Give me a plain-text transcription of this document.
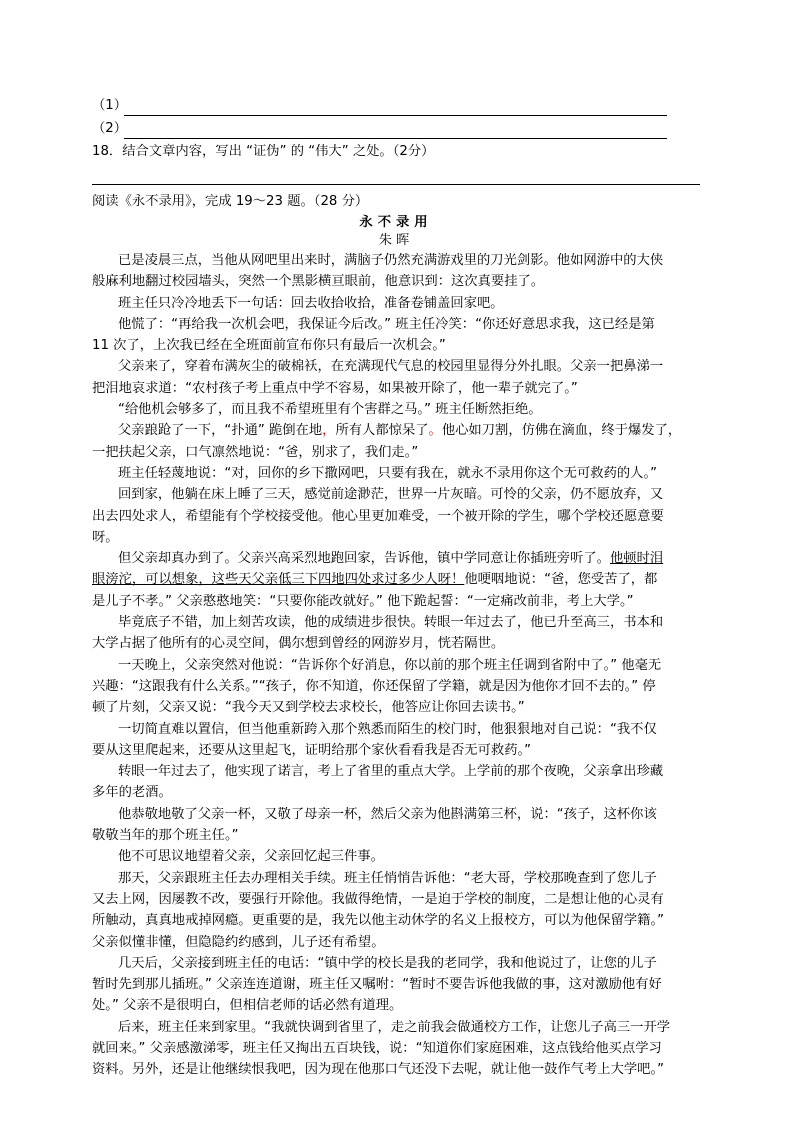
（1）
（2）
18．结合文章内容，写出 “证伪” 的 “伟大” 之处。（2分）
阅读《永不录用》，完成 19～23 题。（28 分）
永不录用
朱晖
已是凌晨三点，当他从网吧里出来时，满脑子仍然充满游戏里的刀光剑影。他如网游中的大侠
般麻利地翻过校园墙头，突然一个黑影横亘眼前，他意识到：这次真要挂了。
班主任只冷冷地丢下一句话：回去收拾收拾，准备卷铺盖回家吧。
他慌了：“再给我一次机会吧，我保证今后改。” 班主任冷笑：“你还好意思求我，这已经是第
11 次了，上次我已经在全班面前宣布你只有最后一次机会。”
父亲来了，穿着布满灰尘的破棉袄，在充满现代气息的校园里显得分外扎眼。父亲一把鼻涕一
把泪地哀求道：“农村孩子考上重点中学不容易，如果被开除了，他一辈子就完了。”
“给他机会够多了，而且我不希望班里有个害群之马。” 班主任断然拒绝。
父亲踉跄了一下，“扑通” 跪倒在地，所有人都惊呆了。他心如刀割，仿佛在滴血，终于爆发了，
一把扶起父亲，口气凛然地说：“爸，别求了，我们走。”
班主任轻蔑地说：“对，回你的乡下撒网吧，只要有我在，就永不录用你这个无可救药的人。”
回到家，他躺在床上睡了三天，感觉前途渺茫，世界一片灰暗。可怜的父亲，仍不愿放弃，又
出去四处求人，希望能有个学校接受他。他心里更加难受，一个被开除的学生，哪个学校还愿意要
呀。
但父亲却真办到了。父亲兴高采烈地跑回家，告诉他，镇中学同意让你插班旁听了。他顿时泪
眼滂沱，可以想象，这些天父亲低三下四地四处求过多少人呀！他哽咽地说：“爸，您受苦了，都
是儿子不孝。” 父亲憨憨地笑：“只要你能改就好。” 他下跪起誓：“一定痛改前非，考上大学。”
毕竟底子不错，加上刻苦攻读，他的成绩进步很快。转眼一年过去了，他已升至高三，书本和
大学占据了他所有的心灵空间，偶尔想到曾经的网游岁月，恍若隔世。
一天晚上，父亲突然对他说：“告诉你个好消息，你以前的那个班主任调到省附中了。” 他毫无
兴趣：“这跟我有什么关系。”“孩子，你不知道，你还保留了学籍，就是因为他你才回不去的。” 停
顿了片刻，父亲又说：“我今天又到学校去求校长，他答应让你回去读书。”
一切简直难以置信，但当他重新跨入那个熟悉而陌生的校门时，他狠狠地对自己说：“我不仅
要从这里爬起来，还要从这里起飞，证明给那个家伙看看我是否无可救药。”
转眼一年过去了，他实现了诺言，考上了省里的重点大学。上学前的那个夜晚，父亲拿出珍藏
多年的老酒。
他恭敬地敬了父亲一杯，又敬了母亲一杯，然后父亲为他斟满第三杯，说：“孩子，这杯你该
敬敬当年的那个班主任。”
他不可思议地望着父亲，父亲回忆起三件事。
那天，父亲跟班主任去办理相关手续。班主任悄悄告诉他：“老大哥，学校那晚查到了您儿子
又去上网，因屡教不改，要强行开除他。我做得绝情，一是迫于学校的制度，二是想让他的心灵有
所触动，真真地戒掉网瘾。更重要的是，我先以他主动休学的名义上报校方，可以为他保留学籍。”
父亲似懂非懂，但隐隐约约感到，儿子还有希望。
几天后，父亲接到班主任的电话：“镇中学的校长是我的老同学，我和他说过了，让您的儿子
暂时先到那儿插班。” 父亲连连道谢，班主任又嘱咐：“暂时不要告诉他我做的事，这对激励他有好
处。” 父亲不是很明白，但相信老师的话必然有道理。
后来，班主任来到家里。“我就快调到省里了，走之前我会做通校方工作，让您儿子高三一开学
就回来。” 父亲感激涕零，班主任又掏出五百块钱，说：“知道你们家庭困难，这点钱给他买点学习
资料。另外，还是让他继续恨我吧，因为现在他那口气还没下去呢，就让他一鼓作气考上大学吧。”
